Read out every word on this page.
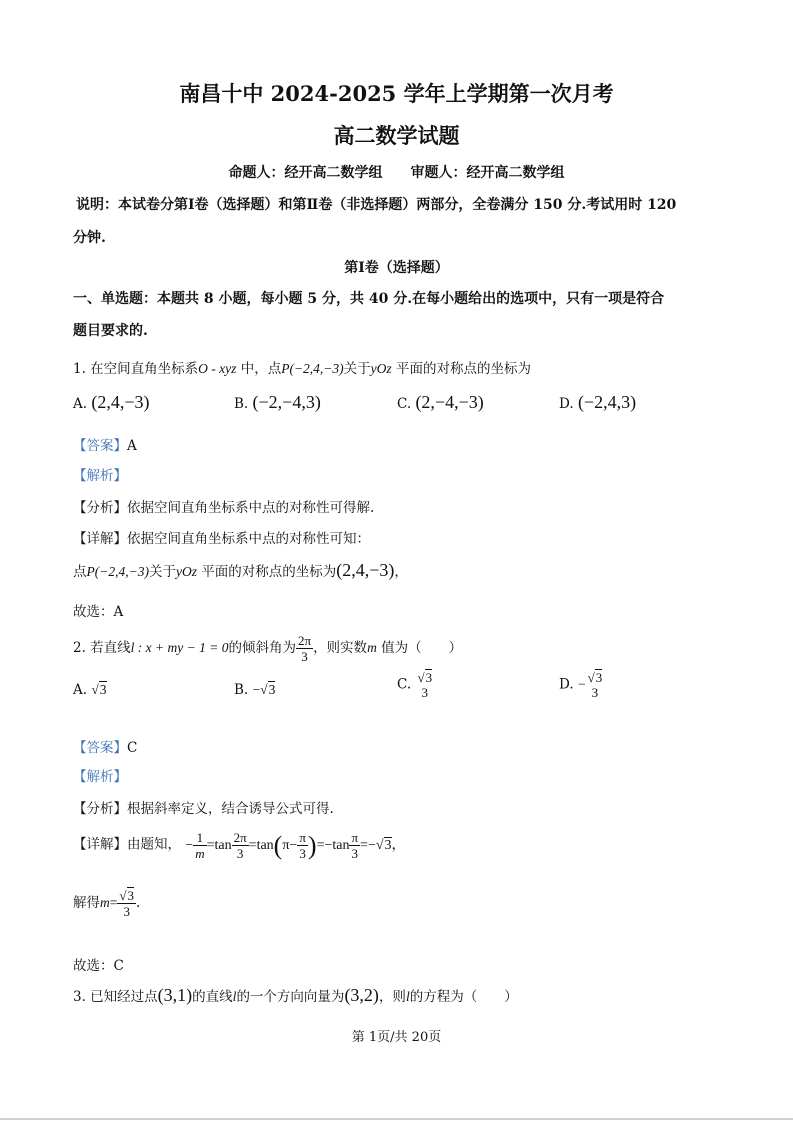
南昌十中 2024-2025 学年上学期第一次月考
高二数学试题
命题人：经开高二数学组　　审题人：经开高二数学组
说明：本试卷分第Ⅰ卷（选择题）和第Ⅱ卷（非选择题）两部分，全卷满分 150 分.考试用时 120
分钟.
第Ⅰ卷（选择题）
一、单选题：本题共 8 小题，每小题 5 分，共 40 分.在每小题给出的选项中，只有一项是符合
题目要求的.
1. 在空间直角坐标系O - xyz 中，点P(−2,4,−3)关于yOz 平面的对称点的坐标为
A. (2,4,−3)	B. (−2,−4,3)	C. (2,−4,−3)	D. (−2,4,3)
【答案】A
【解析】
【分析】依据空间直角坐标系中点的对称性可得解.
【详解】依据空间直角坐标系中点的对称性可知：
点P(−2,4,−3)关于yOz 平面的对称点的坐标为(2,4,−3)，
故选：A
2. 若直线l : x + my − 1 = 0的倾斜角为 $\frac{2\pi}{3}$ ，则实数m 值为（　　）
A. √3	B. −√3	C. √3
3	D. − √3
3
【答案】C
【解析】
【分析】根据斜率定义，结合诱导公式可得.
【详解】由题知， − $\frac{1}{m} =\tan \frac{2\pi}{3} =\tan(\pi- \frac{\pi}{3} )=-\tan \frac{\pi}{3} =-√3$，
解得$m= \frac{√3}{3}$ .
故选：C
3. 已知经过点(3,1)的直线l的一个方向向量为(3,2)，则l的方程为（　　）
第 1页/共 20页
